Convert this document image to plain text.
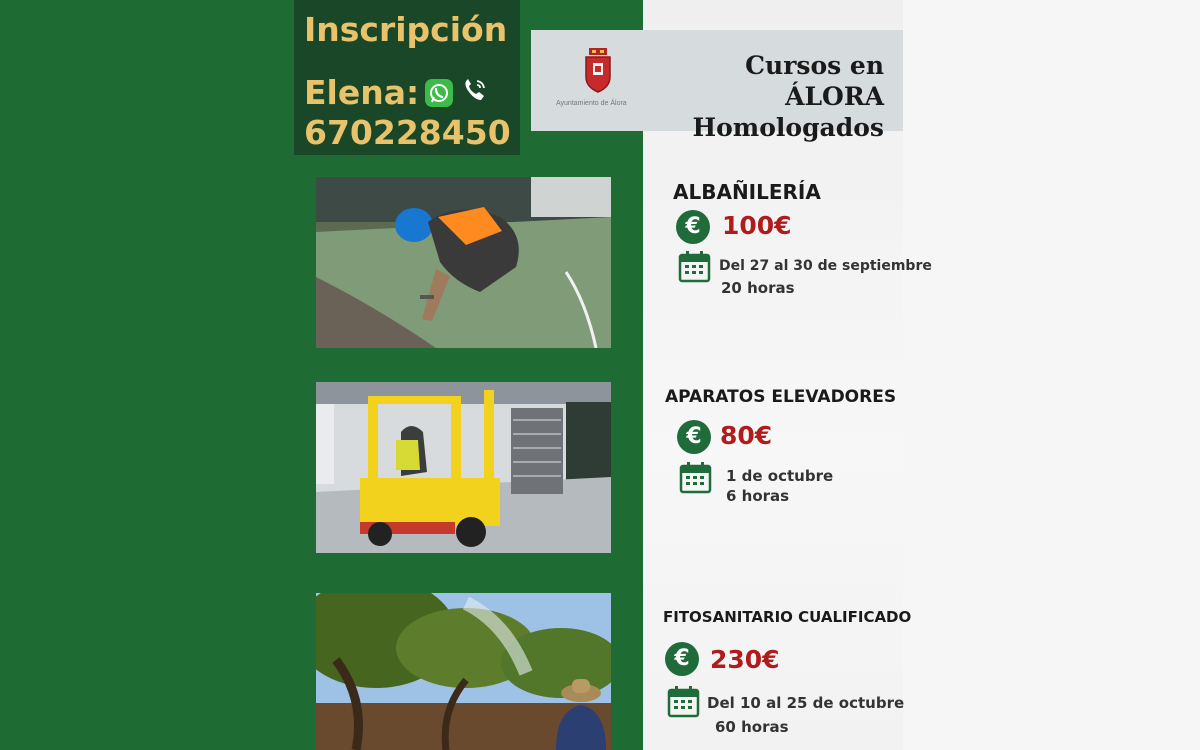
Inscripción
Elena:
670228450
Ayuntamiento de Álora
Cursos en ÁLORA
Homologados
ALBAÑILERÍA
€ 100€
Del 27 al 30 de septiembre
20 horas
APARATOS ELEVADORES
€ 80€
1 de octubre
6 horas
FITOSANITARIO CUALIFICADO
€ 230€
Del 10 al 25 de octubre
60 horas
